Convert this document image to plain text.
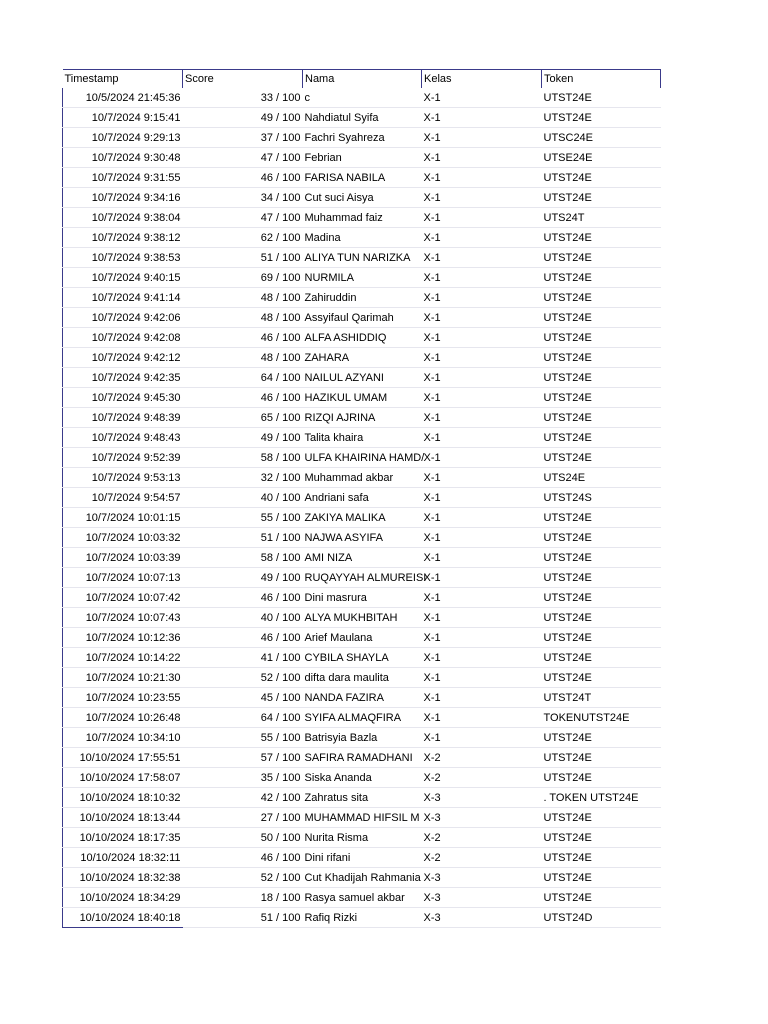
Timestamp	Score	Nama	Kelas	Token
10/5/2024 21:45:36	33 / 100	c	X-1	UTST24E
10/7/2024 9:15:41	49 / 100	Nahdiatul Syifa	X-1	UTST24E
10/7/2024 9:29:13	37 / 100	Fachri Syahreza	X-1	UTSC24E
10/7/2024 9:30:48	47 / 100	Febrian	X-1	UTSE24E
10/7/2024 9:31:55	46 / 100	FARISA NABILA	X-1	UTST24E
10/7/2024 9:34:16	34 / 100	Cut suci Aisya	X-1	UTST24E
10/7/2024 9:38:04	47 / 100	Muhammad faiz	X-1	UTS24T
10/7/2024 9:38:12	62 / 100	Madina	X-1	UTST24E
10/7/2024 9:38:53	51 / 100	ALIYA TUN NARIZKA	X-1	UTST24E
10/7/2024 9:40:15	69 / 100	NURMILA	X-1	UTST24E
10/7/2024 9:41:14	48 / 100	Zahiruddin	X-1	UTST24E
10/7/2024 9:42:06	48 / 100	Assyifaul Qarimah	X-1	UTST24E
10/7/2024 9:42:08	46 / 100	ALFA ASHIDDIQ	X-1	UTST24E
10/7/2024 9:42:12	48 / 100	ZAHARA	X-1	UTST24E
10/7/2024 9:42:35	64 / 100	NAILUL AZYANI	X-1	UTST24E
10/7/2024 9:45:30	46 / 100	HAZIKUL UMAM	X-1	UTST24E
10/7/2024 9:48:39	65 / 100	RIZQI AJRINA	X-1	UTST24E
10/7/2024 9:48:43	49 / 100	Talita khaira	X-1	UTST24E
10/7/2024 9:52:39	58 / 100	ULFA KHAIRINA HAMD/	X-1	UTST24E
10/7/2024 9:53:13	32 / 100	Muhammad akbar	X-1	UTS24E
10/7/2024 9:54:57	40 / 100	Andriani safa	X-1	UTST24S
10/7/2024 10:01:15	55 / 100	ZAKIYA MALIKA	X-1	UTST24E
10/7/2024 10:03:32	51 / 100	NAJWA ASYIFA	X-1	UTST24E
10/7/2024 10:03:39	58 / 100	AMI NIZA	X-1	UTST24E
10/7/2024 10:07:13	49 / 100	RUQAYYAH ALMUREISI	X-1	UTST24E
10/7/2024 10:07:42	46 / 100	Dini masrura	X-1	UTST24E
10/7/2024 10:07:43	40 / 100	ALYA MUKHBITAH	X-1	UTST24E
10/7/2024 10:12:36	46 / 100	Arief Maulana	X-1	UTST24E
10/7/2024 10:14:22	41 / 100	CYBILA SHAYLA	X-1	UTST24E
10/7/2024 10:21:30	52 / 100	difta dara maulita	X-1	UTST24E
10/7/2024 10:23:55	45 / 100	NANDA FAZIRA	X-1	UTST24T
10/7/2024 10:26:48	64 / 100	SYIFA ALMAQFIRA	X-1	TOKENUTST24E
10/7/2024 10:34:10	55 / 100	Batrisyia Bazla	X-1	UTST24E
10/10/2024 17:55:51	57 / 100	SAFIRA RAMADHANI	X-2	UTST24E
10/10/2024 17:58:07	35 / 100	Siska Ananda	X-2	UTST24E
10/10/2024 18:10:32	42 / 100	Zahratus sita	X-3	. TOKEN UTST24E
10/10/2024 18:13:44	27 / 100	MUHAMMAD HIFSIL M	X-3	UTST24E
10/10/2024 18:17:35	50 / 100	Nurita Risma	X-2	UTST24E
10/10/2024 18:32:11	46 / 100	Dini rifani	X-2	UTST24E
10/10/2024 18:32:38	52 / 100	Cut Khadijah Rahmania	X-3	UTST24E
10/10/2024 18:34:29	18 / 100	Rasya samuel akbar	X-3	UTST24E
10/10/2024 18:40:18	51 / 100	Rafiq Rizki	X-3	UTST24D
